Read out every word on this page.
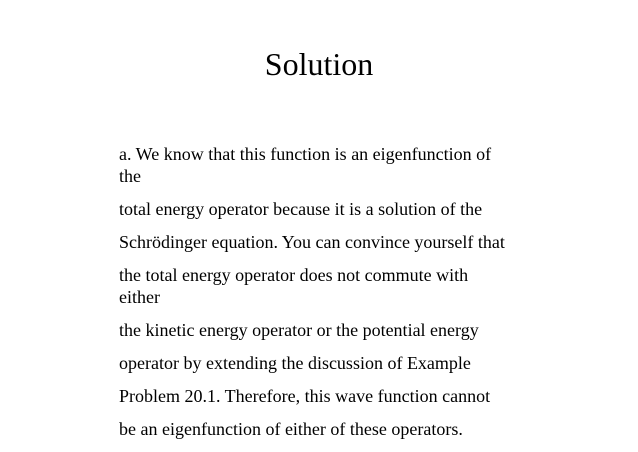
Solution

a. We know that this function is an eigenfunction of

the

total energy operator because it is a solution of the

Schrödinger equation. You can convince yourself that

the total energy operator does not commute with

either

the kinetic energy operator or the potential energy

operator by extending the discussion of Example

Problem 20.1. Therefore, this wave function cannot

be an eigenfunction of either of these operators.
